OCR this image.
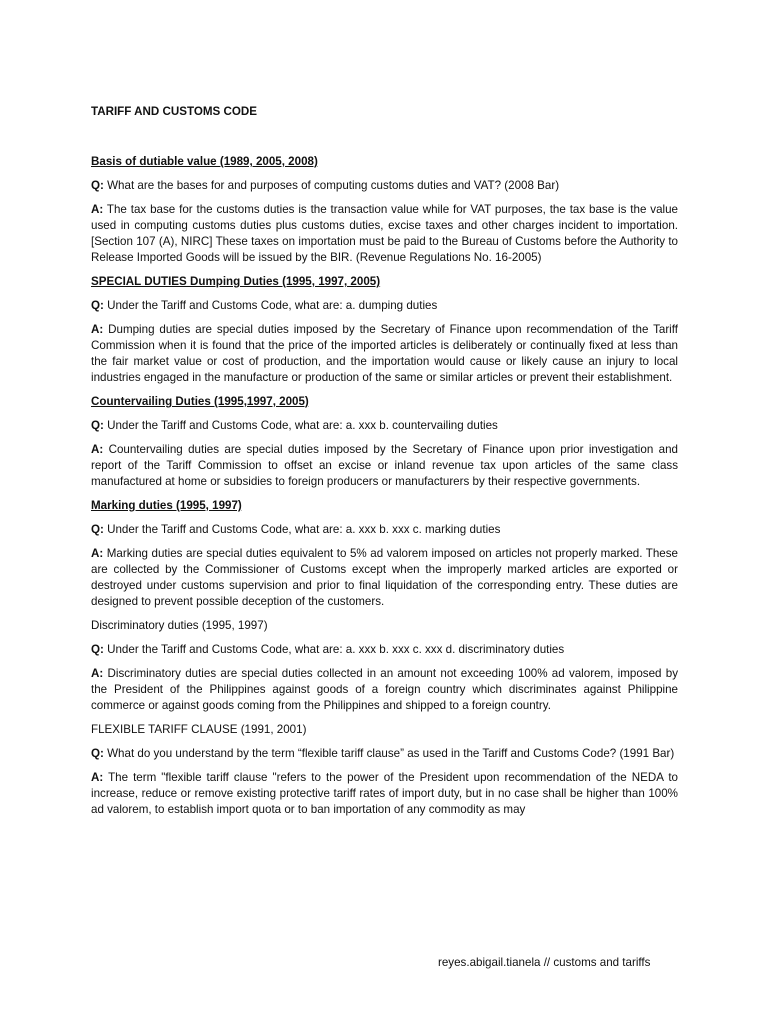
TARIFF AND CUSTOMS CODE
Basis of dutiable value (1989, 2005, 2008)
Q: What are the bases for and purposes of computing customs duties and VAT? (2008 Bar)
A: The tax base for the customs duties is the transaction value while for VAT purposes, the tax base is the value used in computing customs duties plus customs duties, excise taxes and other charges incident to importation. [Section 107 (A), NIRC] These taxes on importation must be paid to the Bureau of Customs before the Authority to Release Imported Goods will be issued by the BIR. (Revenue Regulations No. 16-2005)
SPECIAL DUTIES Dumping Duties (1995, 1997, 2005)
Q: Under the Tariff and Customs Code, what are: a. dumping duties
A: Dumping duties are special duties imposed by the Secretary of Finance upon recommendation of the Tariff Commission when it is found that the price of the imported articles is deliberately or continually fixed at less than the fair market value or cost of production, and the importation would cause or likely cause an injury to local industries engaged in the manufacture or production of the same or similar articles or prevent their establishment.
Countervailing Duties (1995,1997, 2005)
Q: Under the Tariff and Customs Code, what are: a. xxx b. countervailing duties
A: Countervailing duties are special duties imposed by the Secretary of Finance upon prior investigation and report of the Tariff Commission to offset an excise or inland revenue tax upon articles of the same class manufactured at home or subsidies to foreign producers or manufacturers by their respective governments.
Marking duties (1995, 1997)
Q: Under the Tariff and Customs Code, what are: a. xxx b. xxx c. marking duties
A: Marking duties are special duties equivalent to 5% ad valorem imposed on articles not properly marked. These are collected by the Commissioner of Customs except when the improperly marked articles are exported or destroyed under customs supervision and prior to final liquidation of the corresponding entry. These duties are designed to prevent possible deception of the customers.
Discriminatory duties (1995, 1997)
Q: Under the Tariff and Customs Code, what are: a. xxx b. xxx c. xxx d. discriminatory duties
A: Discriminatory duties are special duties collected in an amount not exceeding 100% ad valorem, imposed by the President of the Philippines against goods of a foreign country which discriminates against Philippine commerce or against goods coming from the Philippines and shipped to a foreign country.
FLEXIBLE TARIFF CLAUSE (1991, 2001)
Q: What do you understand by the term “flexible tariff clause” as used in the Tariff and Customs Code? (1991 Bar)
A: The term "flexible tariff clause "refers to the power of the President upon recommendation of the NEDA to increase, reduce or remove existing protective tariff rates of import duty, but in no case shall be higher than 100% ad valorem, to establish import quota or to ban importation of any commodity as may
reyes.abigail.tianela // customs and tariffs
